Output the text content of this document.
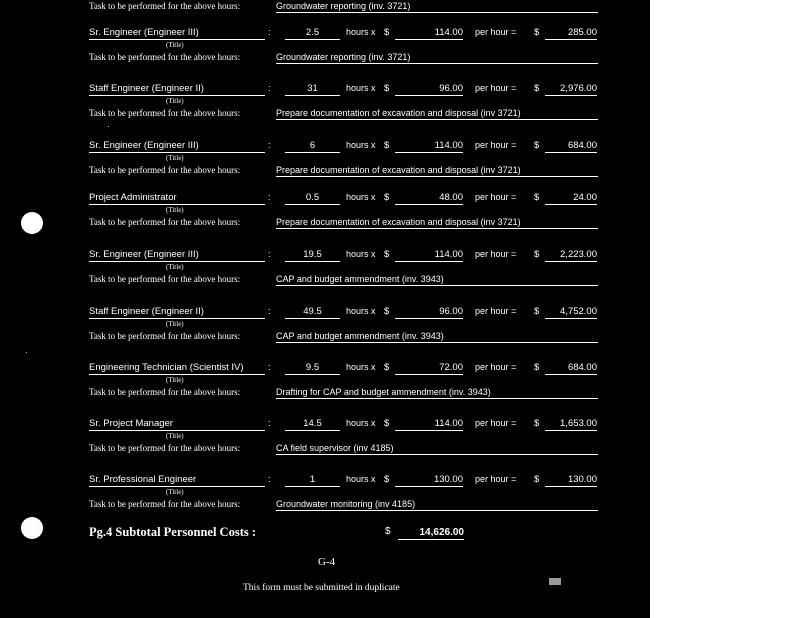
Task to be performed for the above hours:	Groundwater reporting (inv. 3721)
Sr. Engineer (Engineer III)	:	2.5	hours x $	114.00 per hour = $	285.00
(Title)
Task to be performed for the above hours:	Groundwater reporting (inv. 3721)
Staff Engineer (Engineer II)	:	31	hours x $	96.00 per hour = $	2,976.00
(Title)
Task to be performed for the above hours:	Prepare documentation of excavation and disposal (inv 3721)
Sr. Engineer (Engineer III)	:	6	hours x $	114.00 per hour = $	684.00
(Title)
Task to be performed for the above hours:	Prepare documentation of excavation and disposal (inv 3721)
Project Administrator	:	0.5	hours x $	48.00 per hour = $	24.00
(Title)
Task to be performed for the above hours:	Prepare documentation of excavation and disposal (inv 3721)
Sr. Engineer (Engineer III)	:	19.5	hours x $	114.00 per hour = $	2,223.00
(Title)
Task to be performed for the above hours:	CAP and budget ammendment (inv. 3943)
Staff Engineer (Engineer II)	:	49.5	hours x $	96.00 per hour = $	4,752.00
(Title)
Task to be performed for the above hours:	CAP and budget ammendment (inv. 3943)
Engineering Technician (Scientist IV)	:	9.5	hours x $	72.00 per hour = $	684.00
(Title)
Task to be performed for the above hours:	Drafting for CAP and budget ammendment (inv. 3943)
Sr. Project Manager	:	14.5	hours x $	114.00 per hour = $	1,653.00
(Title)
Task to be performed for the above hours:	CA field supervisor (inv 4185)
Sr. Professional Engineer	:	1	hours x $	130.00 per hour = $	130.00
(Title)
Task to be performed for the above hours:	Groundwater monitoring (inv 4185)
Pg.4 Subtotal Personnel Costs :	$	14,626.00
G-4
This form must be submitted in duplicate
